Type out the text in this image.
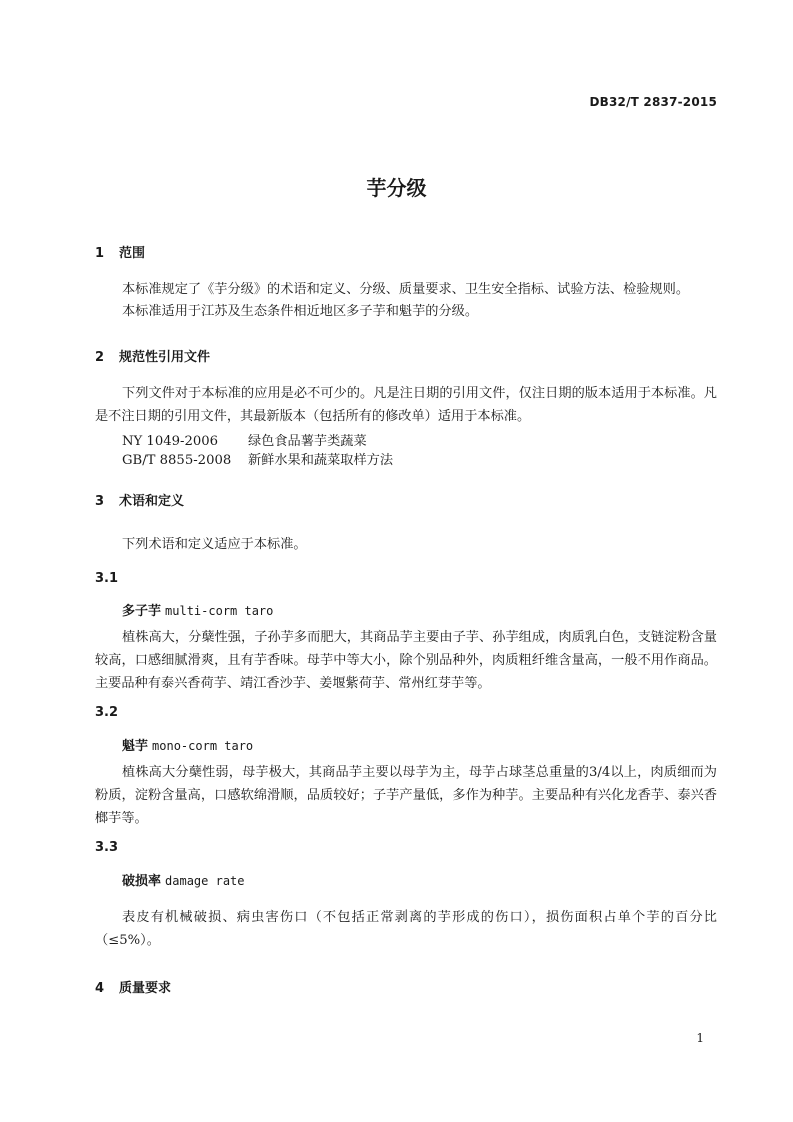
DB32/T 2837-2015
芋分级
1 范围
本标准规定了《芋分级》的术语和定义、分级、质量要求、卫生安全指标、试验方法、检验规则。
本标准适用于江苏及生态条件相近地区多子芋和魁芋的分级。
2 规范性引用文件
下列文件对于本标准的应用是必不可少的。凡是注日期的引用文件，仅注日期的版本适用于本标准。凡是不注日期的引用文件，其最新版本（包括所有的修改单）适用于本标准。
NY 1049-2006 绿色食品薯芋类蔬菜
GB/T 8855-2008 新鲜水果和蔬菜取样方法
3 术语和定义
下列术语和定义适应于本标准。
3.1
多子芋 multi-corm taro
植株高大，分蘖性强，子孙芋多而肥大，其商品芋主要由子芋、孙芋组成，肉质乳白色，支链淀粉含量较高，口感细腻滑爽，且有芋香味。母芋中等大小，除个别品种外，肉质粗纤维含量高，一般不用作商品。主要品种有泰兴香荷芋、靖江香沙芋、姜堰紫荷芋、常州红芽芋等。
3.2
魁芋 mono-corm taro
植株高大分蘖性弱，母芋极大，其商品芋主要以母芋为主，母芋占球茎总重量的3/4以上，肉质细而为粉质，淀粉含量高，口感软绵滑顺，品质较好；子芋产量低，多作为种芋。主要品种有兴化龙香芋、泰兴香榔芋等。
3.3
破损率 damage rate
表皮有机械破损、病虫害伤口（不包括正常剥离的芋形成的伤口），损伤面积占单个芋的百分比（≤5%）。
4 质量要求
1
